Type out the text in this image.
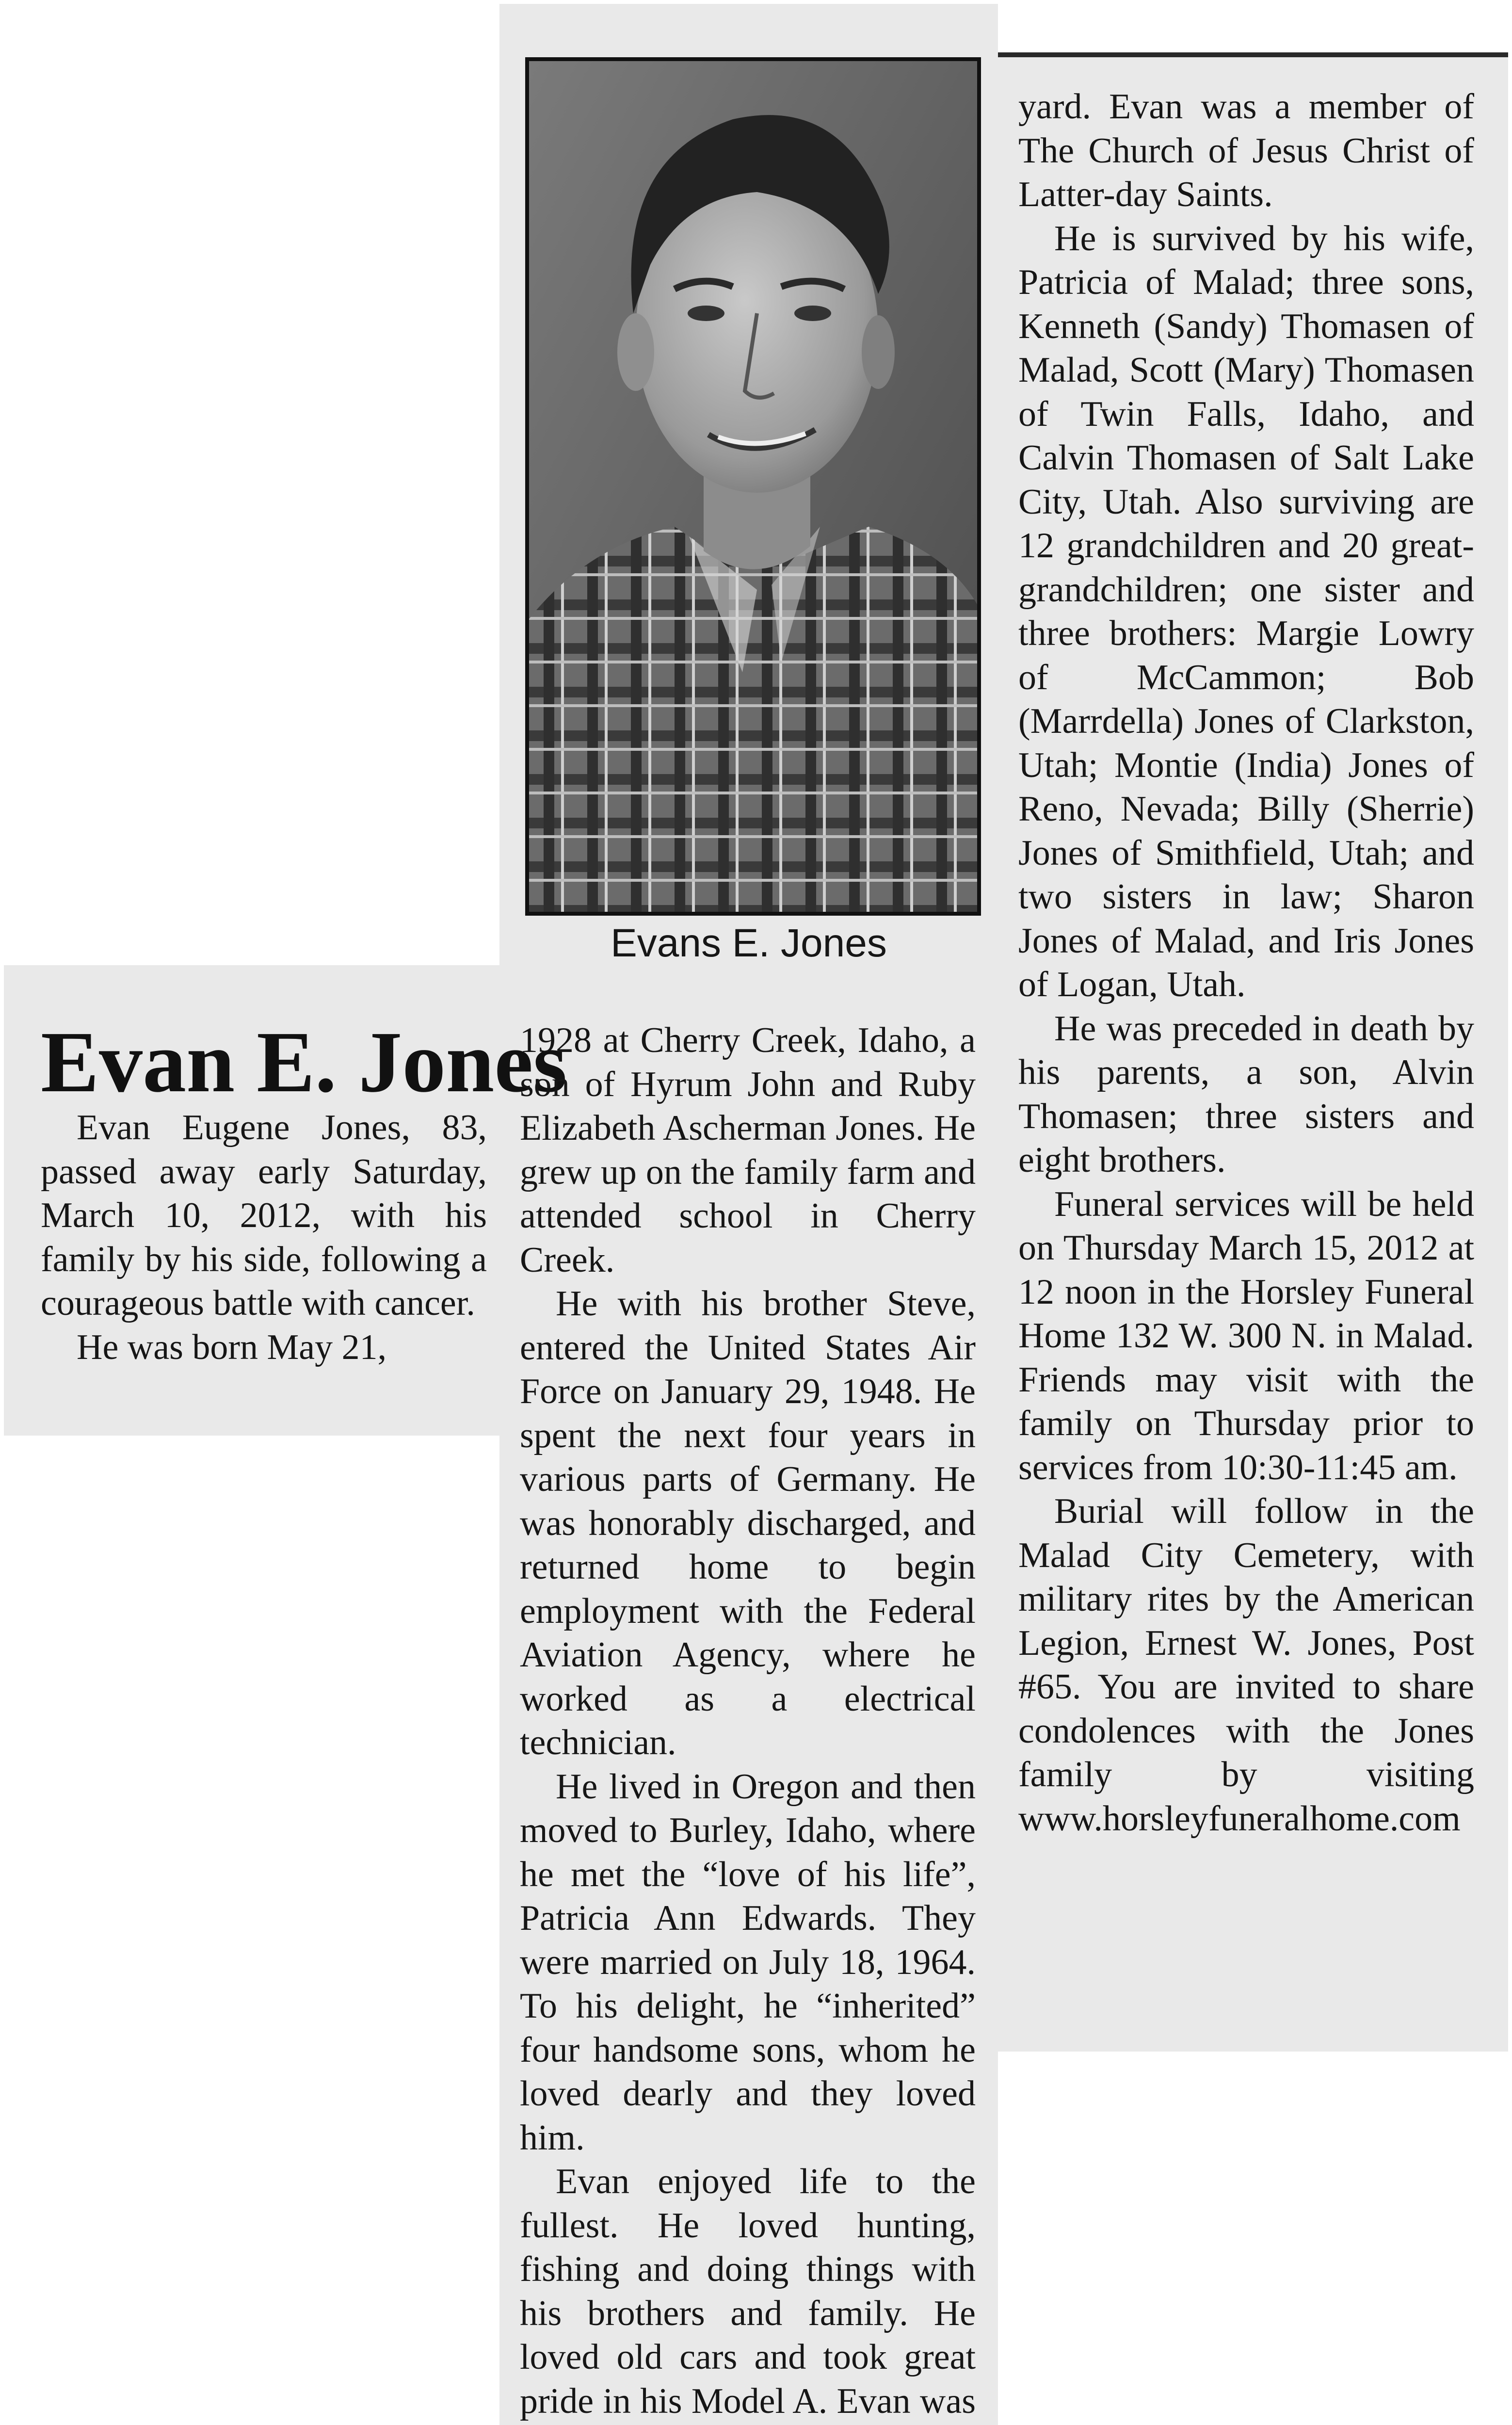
Evan E. Jones

Evan Eugene Jones, 83, passed away early Saturday, March 10, 2012, with his family by his side, following a courageous battle with cancer.

He was born May 21,

Evans E. Jones

1928 at Cherry Creek, Idaho, a son of Hyrum John and Ruby Elizabeth Ascherman Jones. He grew up on the family farm and attended school in Cherry Creek.

He with his brother Steve, entered the United States Air Force on January 29, 1948. He spent the next four years in various parts of Germany. He was honorably discharged, and returned home to begin employment with the Federal Aviation Agency, where he worked as a electrical technician.

He lived in Oregon and then moved to Burley, Idaho, where he met the “love of his life”, Patricia Ann Edwards. They were married on July 18, 1964. To his delight, he “inherited” four handsome sons, whom he loved dearly and they loved him.

Evan enjoyed life to the fullest. He loved hunting, fishing and doing things with his brothers and family. He loved old cars and took great pride in his Model A. Evan was

yard. Evan was a member of The Church of Jesus Christ of Latter-day Saints.

He is survived by his wife, Patricia of Malad; three sons, Kenneth (Sandy) Thomasen of Malad, Scott (Mary) Thomasen of Twin Falls, Idaho, and Calvin Thomasen of Salt Lake City, Utah. Also surviving are 12 grandchildren and 20 great-grandchildren; one sister and three brothers: Margie Lowry of McCammon; Bob (Marrdella) Jones of Clarkston, Utah; Montie (India) Jones of Reno, Nevada; Billy (Sherrie) Jones of Smithfield, Utah; and two sisters in law; Sharon Jones of Malad, and Iris Jones of Logan, Utah.

He was preceded in death by his parents, a son, Alvin Thomasen; three sisters and eight brothers.

Funeral services will be held on Thursday March 15, 2012 at 12 noon in the Horsley Funeral Home 132 W. 300 N. in Malad. Friends may visit with the family on Thursday prior to services from 10:30-11:45 am.

Burial will follow in the Malad City Cemetery, with military rites by the American Legion, Ernest W. Jones, Post #65. You are invited to share condolences with the Jones family by visiting www.horsleyfuneralhome.com
